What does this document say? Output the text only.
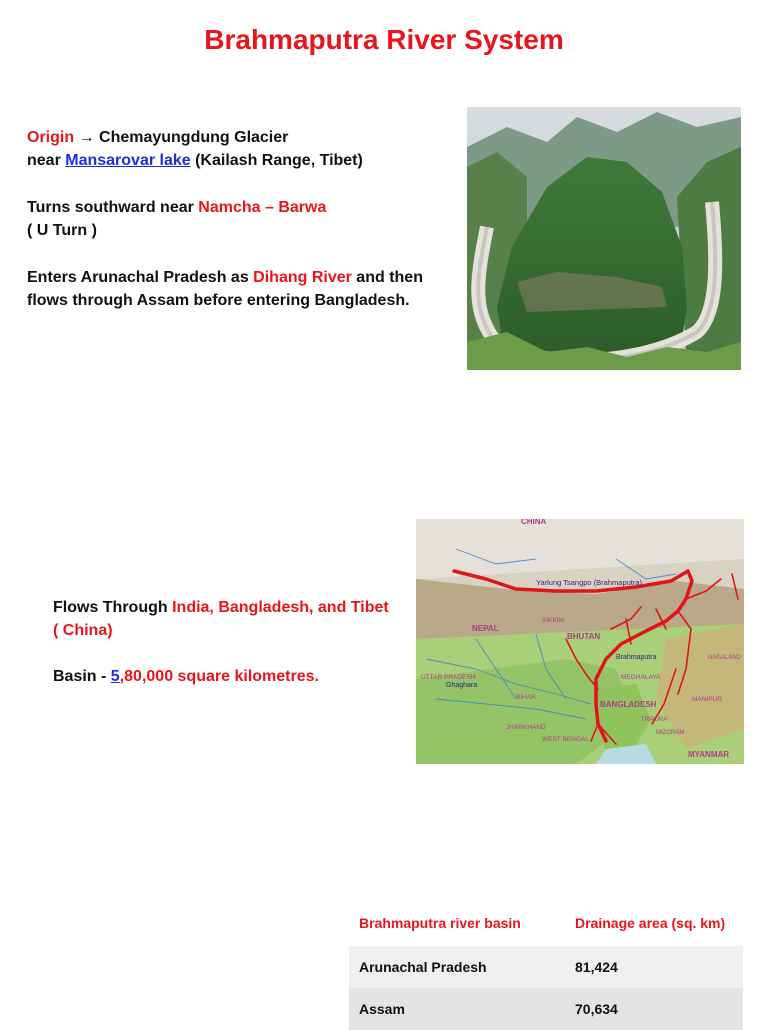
Brahmaputra River System
Origin → Chemayungdung Glacier
near Mansarovar lake (Kailash Range, Tibet)
Turns southward near Namcha – Barwa
( U Turn )
Enters Arunachal Pradesh as Dihang River and then flows through Assam before entering Bangladesh.
Flows Through India, Bangladesh, and Tibet ( China)
Basin - 5,80,000 square kilometres.
CHINA
Yarlung Tsangpo (Brahmaputra)
NEPAL
SIKKIM
BHUTAN
Brahmaputra
Ghaghara
UTTAR PRADESH
BIHAR
MEGHALAYA
BANGLADESH
NAGALAND
MANIPUR
JHARKHAND
WEST BENGAL
TRIPURA
MIZORAM
MYANMAR
Brahmaputra river basin	Drainage area (sq. km)
Arunachal Pradesh	81,424
Assam	70,634
